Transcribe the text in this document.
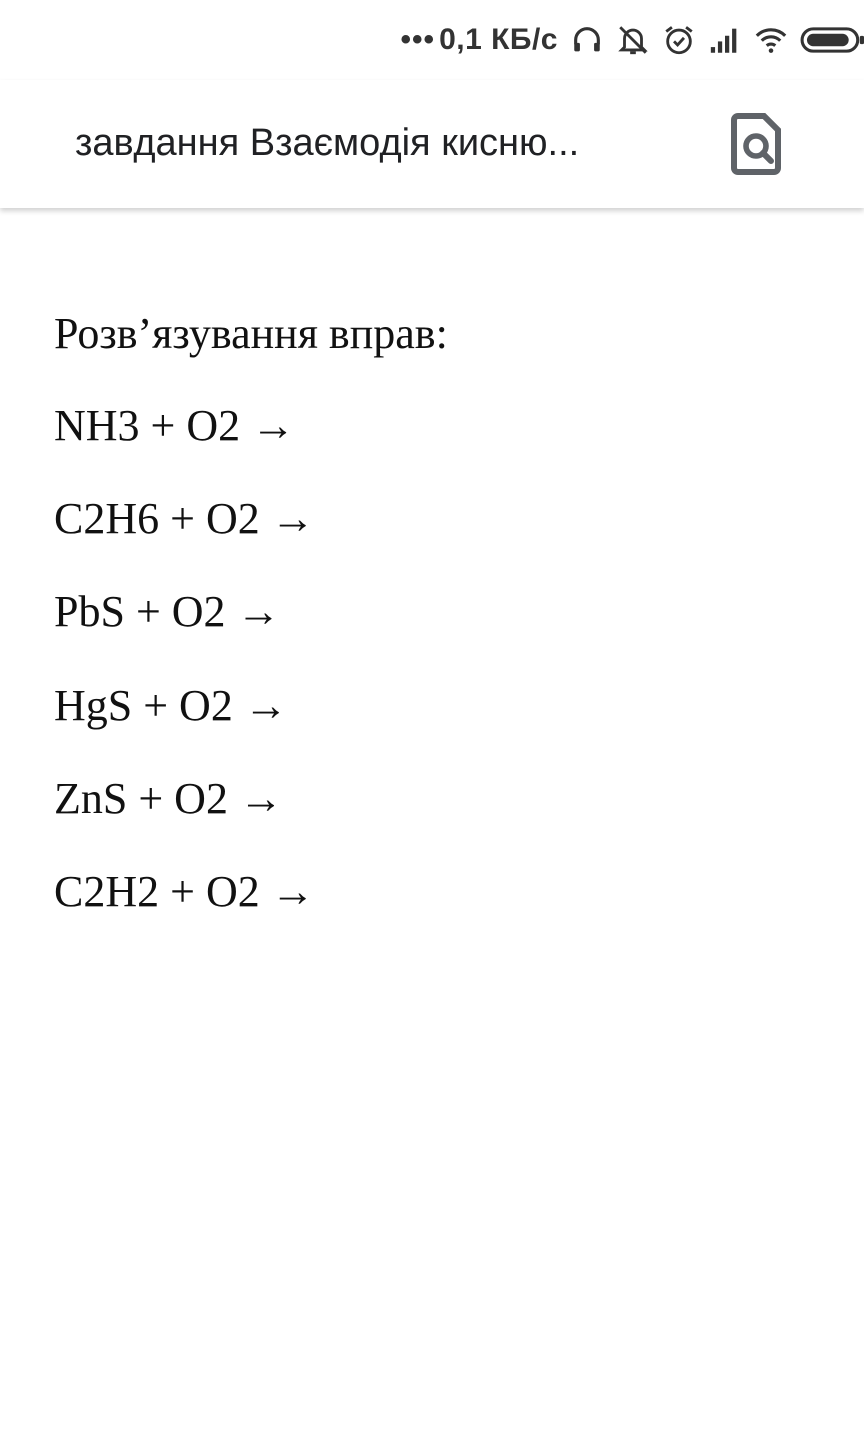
••• 0,1 КБ/с
завдання Взаємодія кисню...
Розв’язування вправ:
NH3 + O2 →
C2H6 + O2 →
PbS + O2 →
HgS + O2 →
ZnS + O2 →
C2H2 + O2 →
